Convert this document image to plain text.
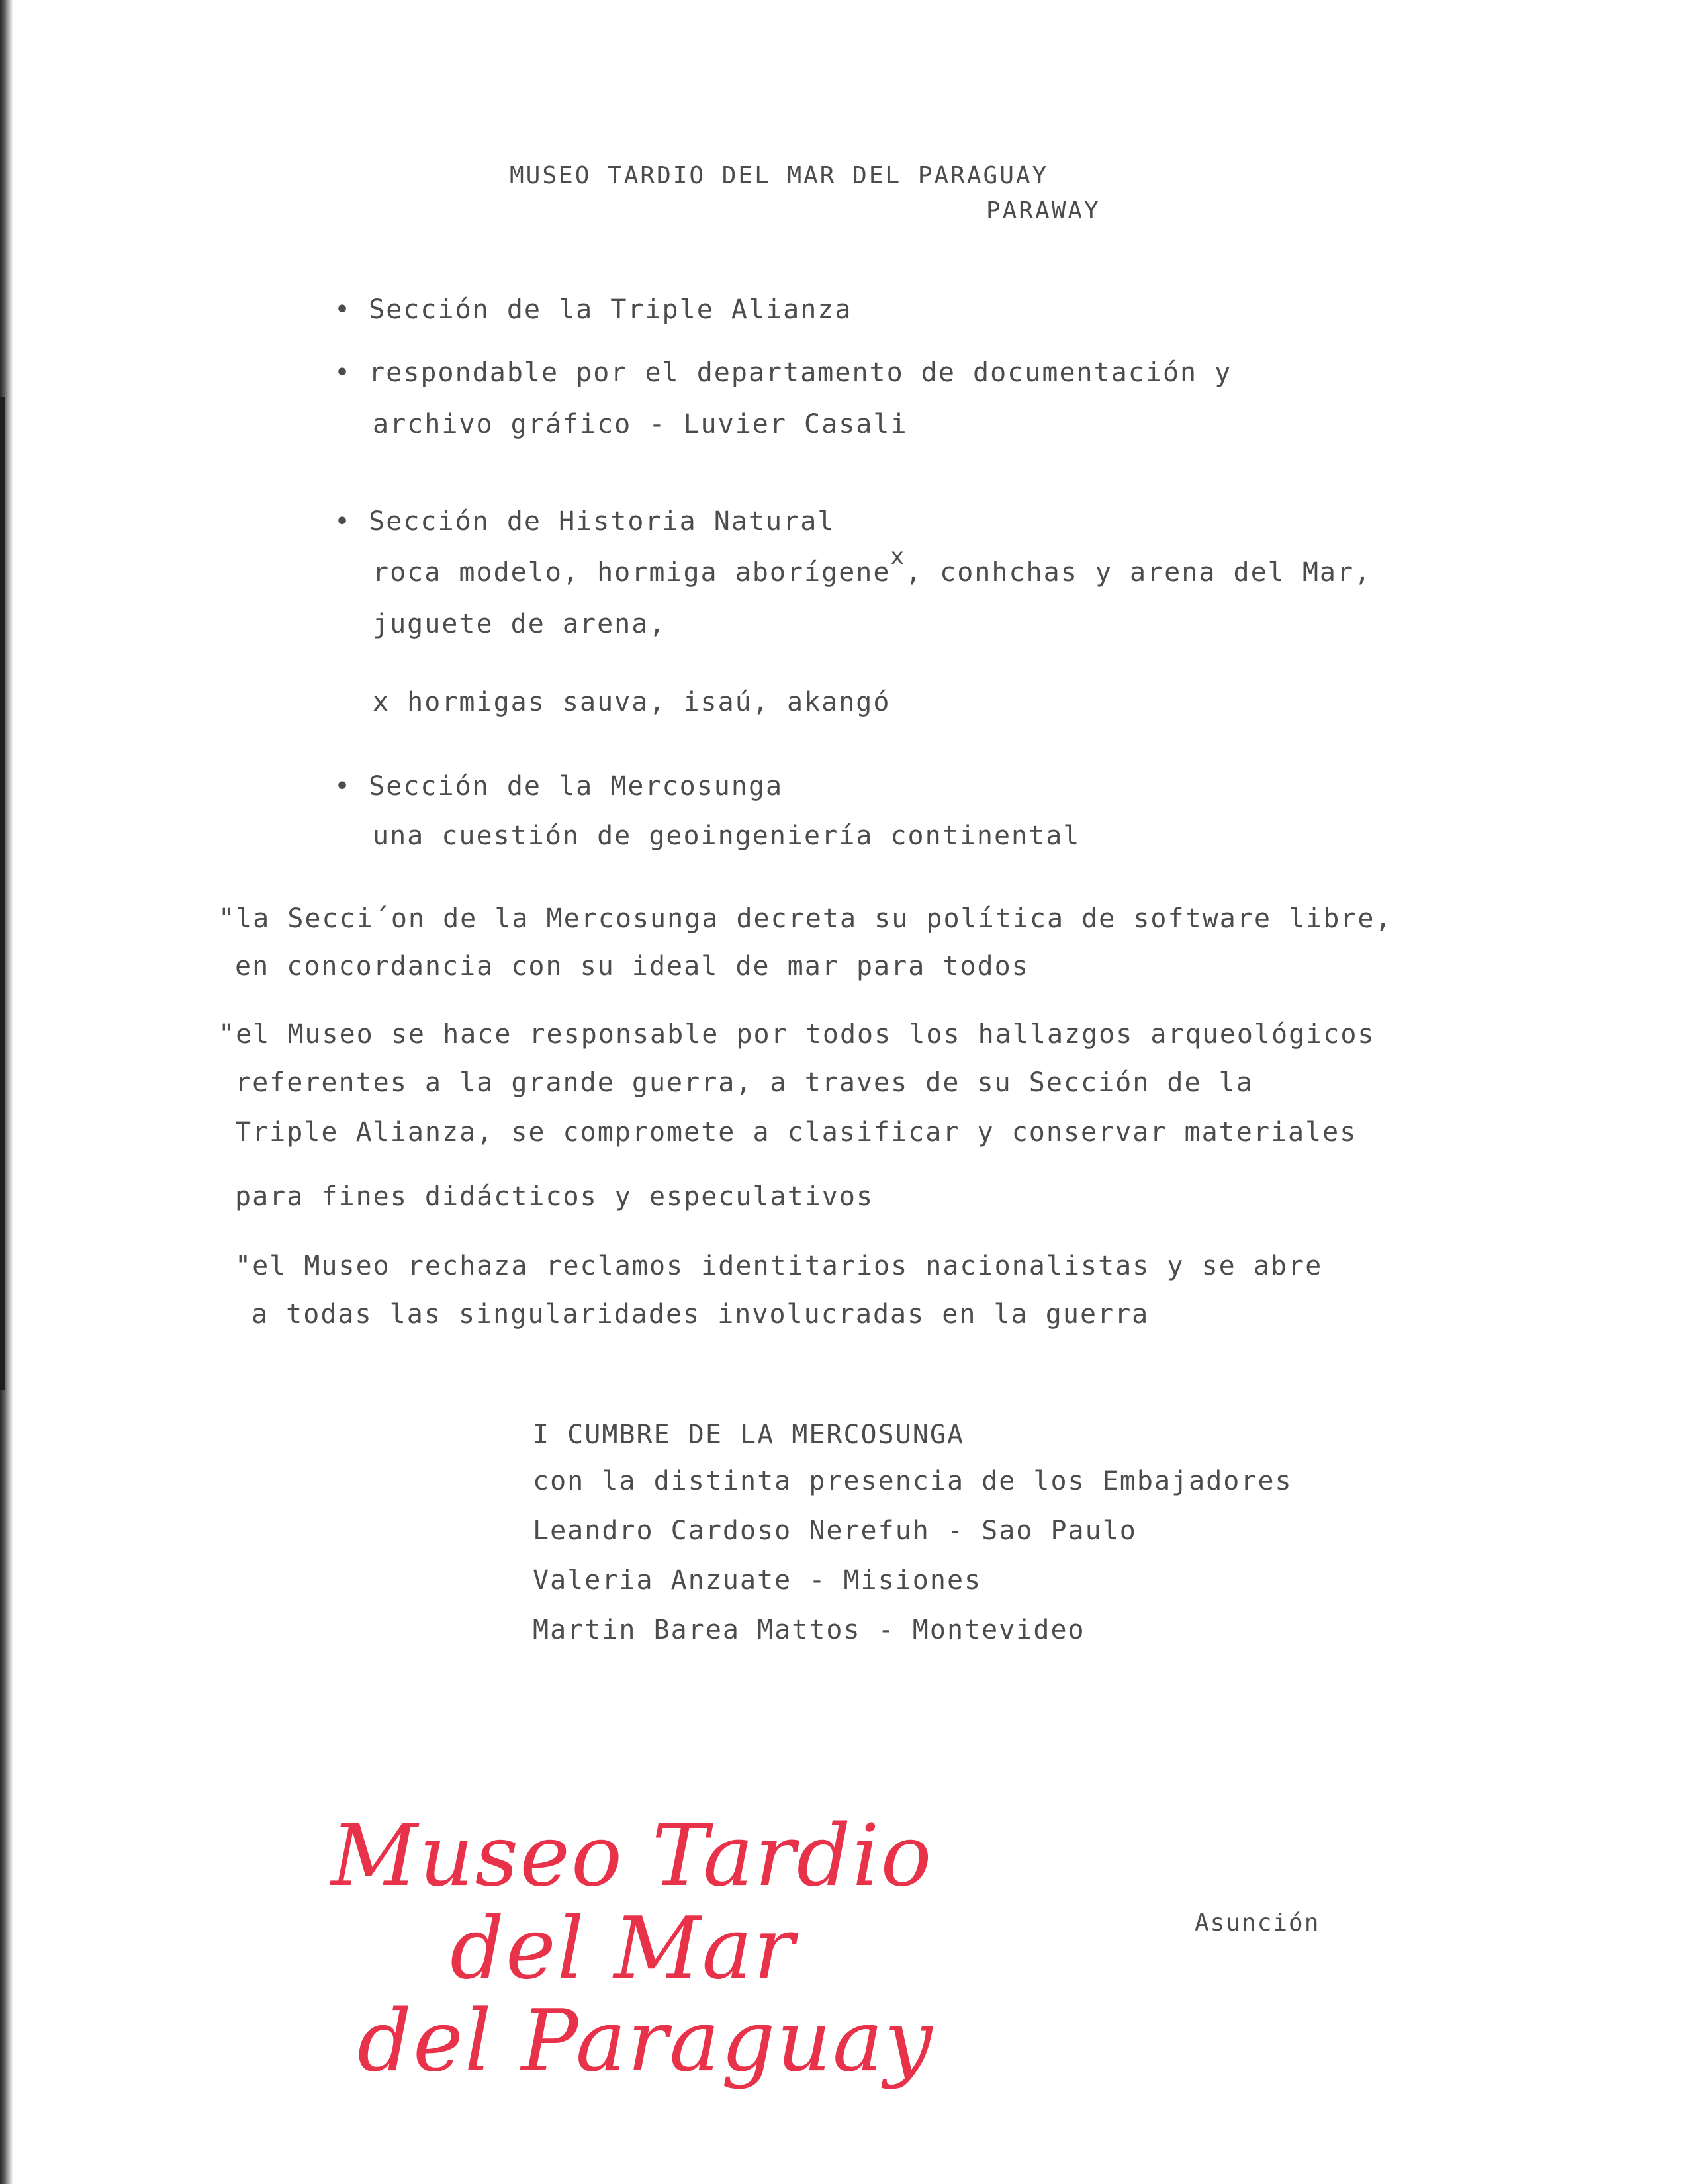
MUSEO TARDIO DEL MAR DEL PARAGUAY
PARAWAY
• Sección de la Triple Alianza
• respondable por el departamento de documentación y
archivo gráfico - Luvier Casali
• Sección de Historia Natural
roca modelo, hormiga aborígene$^x$, conhchas y arena del Mar,
juguete de arena,
x hormigas sauva, isaú, akangó
• Sección de la Mercosunga
una cuestión de geoingeniería continental
"la Secci´on de la Mercosunga decreta su política de software libre,
en concordancia con su ideal de mar para todos
"el Museo se hace responsable por todos los hallazgos arqueológicos
referentes a la grande guerra, a traves de su Sección de la
Triple Alianza, se compromete a clasificar y conservar materiales
para fines didácticos y especulativos
"el Museo rechaza reclamos identitarios nacionalistas y se abre
a todas las singularidades involucradas en la guerra
I CUMBRE DE LA MERCOSUNGA
con la distinta presencia de los Embajadores
Leandro Cardoso Nerefuh - Sao Paulo
Valeria Anzuate - Misiones
Martin Barea Mattos - Montevideo
Museo Tardio
del Mar
del Paraguay
Asunción
